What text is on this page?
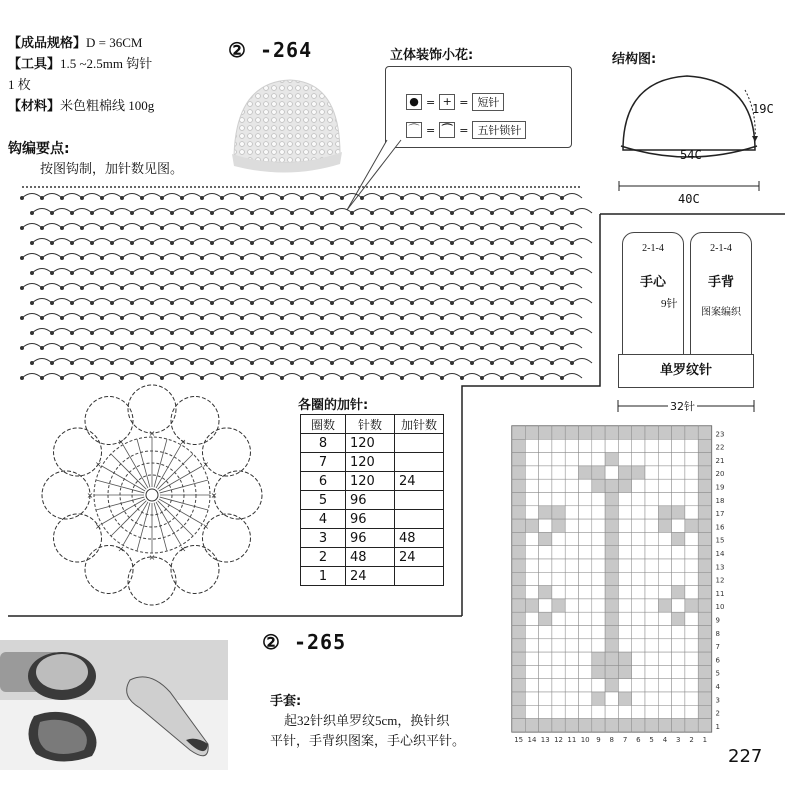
【成品规格】D = 36CM
【工具】1.5 ~2.5mm 钩针
1 枚
【材料】米色粗棉线 100g
钩编要点:
按图钩制，加针数见图。
② -264	立体装饰小花:
● = + = 短针
⌒ = ⌒ = 五针锁针
结构图:
19C
54C
40C
2-1-4
手心
9针
2-1-4
手背
图案编织
单罗纹针
32针
×
×
×
×
×
×
×
×
×
×
×
×
各圈的加针:
圈数	针数	加针数
8	120	
7	120	
6	120	24
5	96	
4	96	
3	96	48
2	48	24
1	24	
② -265
23
22
21
20
19
18
17
16
15
14
13
12
11
10
9
8
7
6
5
4
3
2
1
15 14 13 12 11 10 9 8 7 6 5 4 3 2 1
手套:
起32针织单罗纹5cm，换针织
平针，手背织图案，手心织平针。
227
